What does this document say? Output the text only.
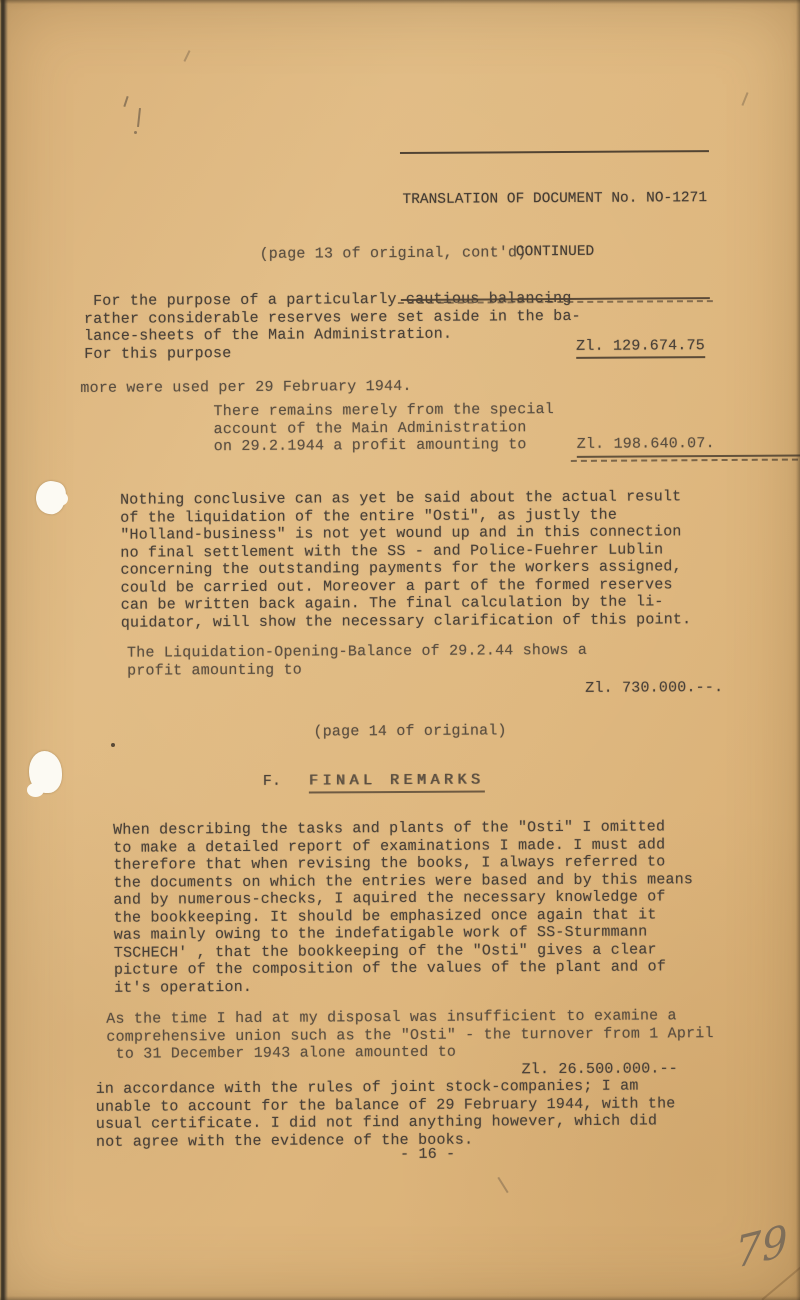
TRANSLATION OF DOCUMENT No. NO-1271

CONTINUED

(page 13 of original, cont'd)
For the purpose of a particularly cautious balancing
rather considerable reserves were set aside in the ba-
lance-sheets of the Main Administration.
For this purpose	Zl. 129.674.75
more were used per 29 February 1944.
There remains merely from the special
account of the Main Administration
on 29.2.1944 a profit amounting to	Zl. 198.640.07.
Nothing conclusive can as yet be said about the actual result
of the liquidation of the entire "Osti", as justly the
"Holland-business" is not yet wound up and in this connection
no final settlement with the SS - and Police-Fuehrer Lublin
concerning the outstanding payments for the workers assigned,
could be carried out. Moreover a part of the formed reserves
can be written back again. The final calculation by the li-
quidator, will show the necessary clarification of this point.
The Liquidation-Opening-Balance of 29.2.44 shows a
profit amounting to
Zl. 730.000.--.
(page 14 of original)
F. FINAL REMARKS
When describing the tasks and plants of the "Osti" I omitted
to make a detailed report of examinations I made. I must add
therefore that when revising the books, I always referred to
the documents on which the entries were based and by this means
and by numerous-checks, I aquired the necessary knowledge of
the bookkeeping. It should be emphasized once again that it
was mainly owing to the indefatigable work of SS-Sturmmann
TSCHECH' , that the bookkeeping of the "Osti" gives a clear
picture of the composition of the values of the plant and of
it's operation.
As the time I had at my disposal was insufficient to examine a
comprehensive union such as the "Osti" - the turnover from 1 April
to 31 December 1943 alone amounted to
Zl. 26.500.000.--
in accordance with the rules of joint stock-companies; I am
unable to account for the balance of 29 February 1944, with the
usual certificate. I did not find anything however, which did
not agree with the evidence of the books.
- 16 -
79
